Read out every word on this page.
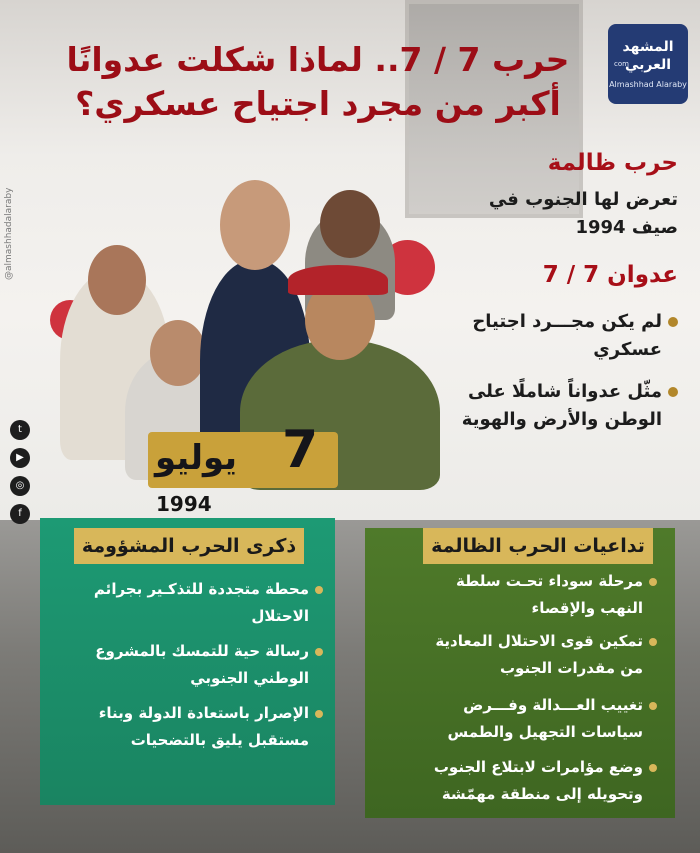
المشهد
العربي
com
Almashhad Alaraby
حرب 7 / 7.. لماذا شكلت عدوانًا
أكبر من مجرد اجتياح عسكري؟
حرب ظالمة
تعرض لها الجنوب في
صيف 1994
عدوان 7 / 7
لم يكن مجـــرد اجتياح
عسكري
مثّل عدواناً شاملًا على
الوطن والأرض والهوية
7
يوليو
1994
@almashhadalaraby
t
▶
◎
f
ذكرى الحرب المشؤومة
محطة متجددة للتذكـير بجرائم
الاحتلال
رسالة حية للتمسك بالمشروع
الوطني الجنوبي
الإصرار باستعادة الدولة وبناء
مستقبل يليق بالتضحيات
تداعيات الحرب الظالمة
مرحلة سوداء تحـت سلطة
النهب والإقصاء
تمكين قوى الاحتلال المعادية
من مقدرات الجنوب
تغييب العـــدالة وفـــرض
سياسات التجهيل والطمس
وضع مؤامرات لابتلاع الجنوب
وتحويله إلى منطقة مهمّشة
